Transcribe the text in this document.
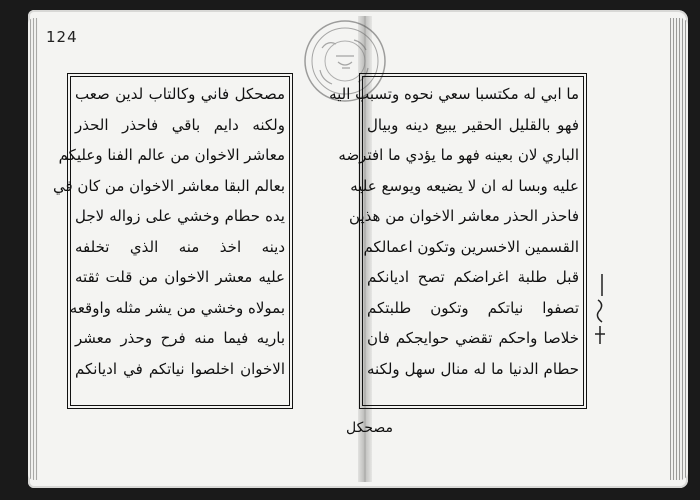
124
مصحكل فاني وكالتاب لدين صعب
ولكنه دايم باقي فاحذر الحذر
معاشر الاخوان من عالم الفنا وعليكم
بعالم البقا معاشر الاخوان من كان في
يده حطام وخشي على زواله لاجل
دينه اخذ منه الذي تخلفه
عليه معشر الاخوان من قلت ثقته
بمولاه وخشي من يشر مثله واوقعه
باريه فيما منه فرح وحذر معشر
الاخوان اخلصوا نياتكم في اديانكم
ما ابي له مكتسبا سعي نحوه وتسبب اليه
فهو بالقليل الحقير يبيع دينه وبيال
الباري لان بعينه فهو ما يؤدي ما افترضه
عليه وبسا له ان لا يضيعه ويوسع عليه
فاحذر الحذر معاشر الاخوان من هذين
القسمين الاخسرين وتكون اعمالكم
قبل طلبة اغراضكم تصح اديانكم
تصفوا نياتكم وتكون طلبتكم
خلاصا واحكم تقضي حوايجكم فان
حطام الدنيا ما له منال سهل ولكنه
مصحكل
